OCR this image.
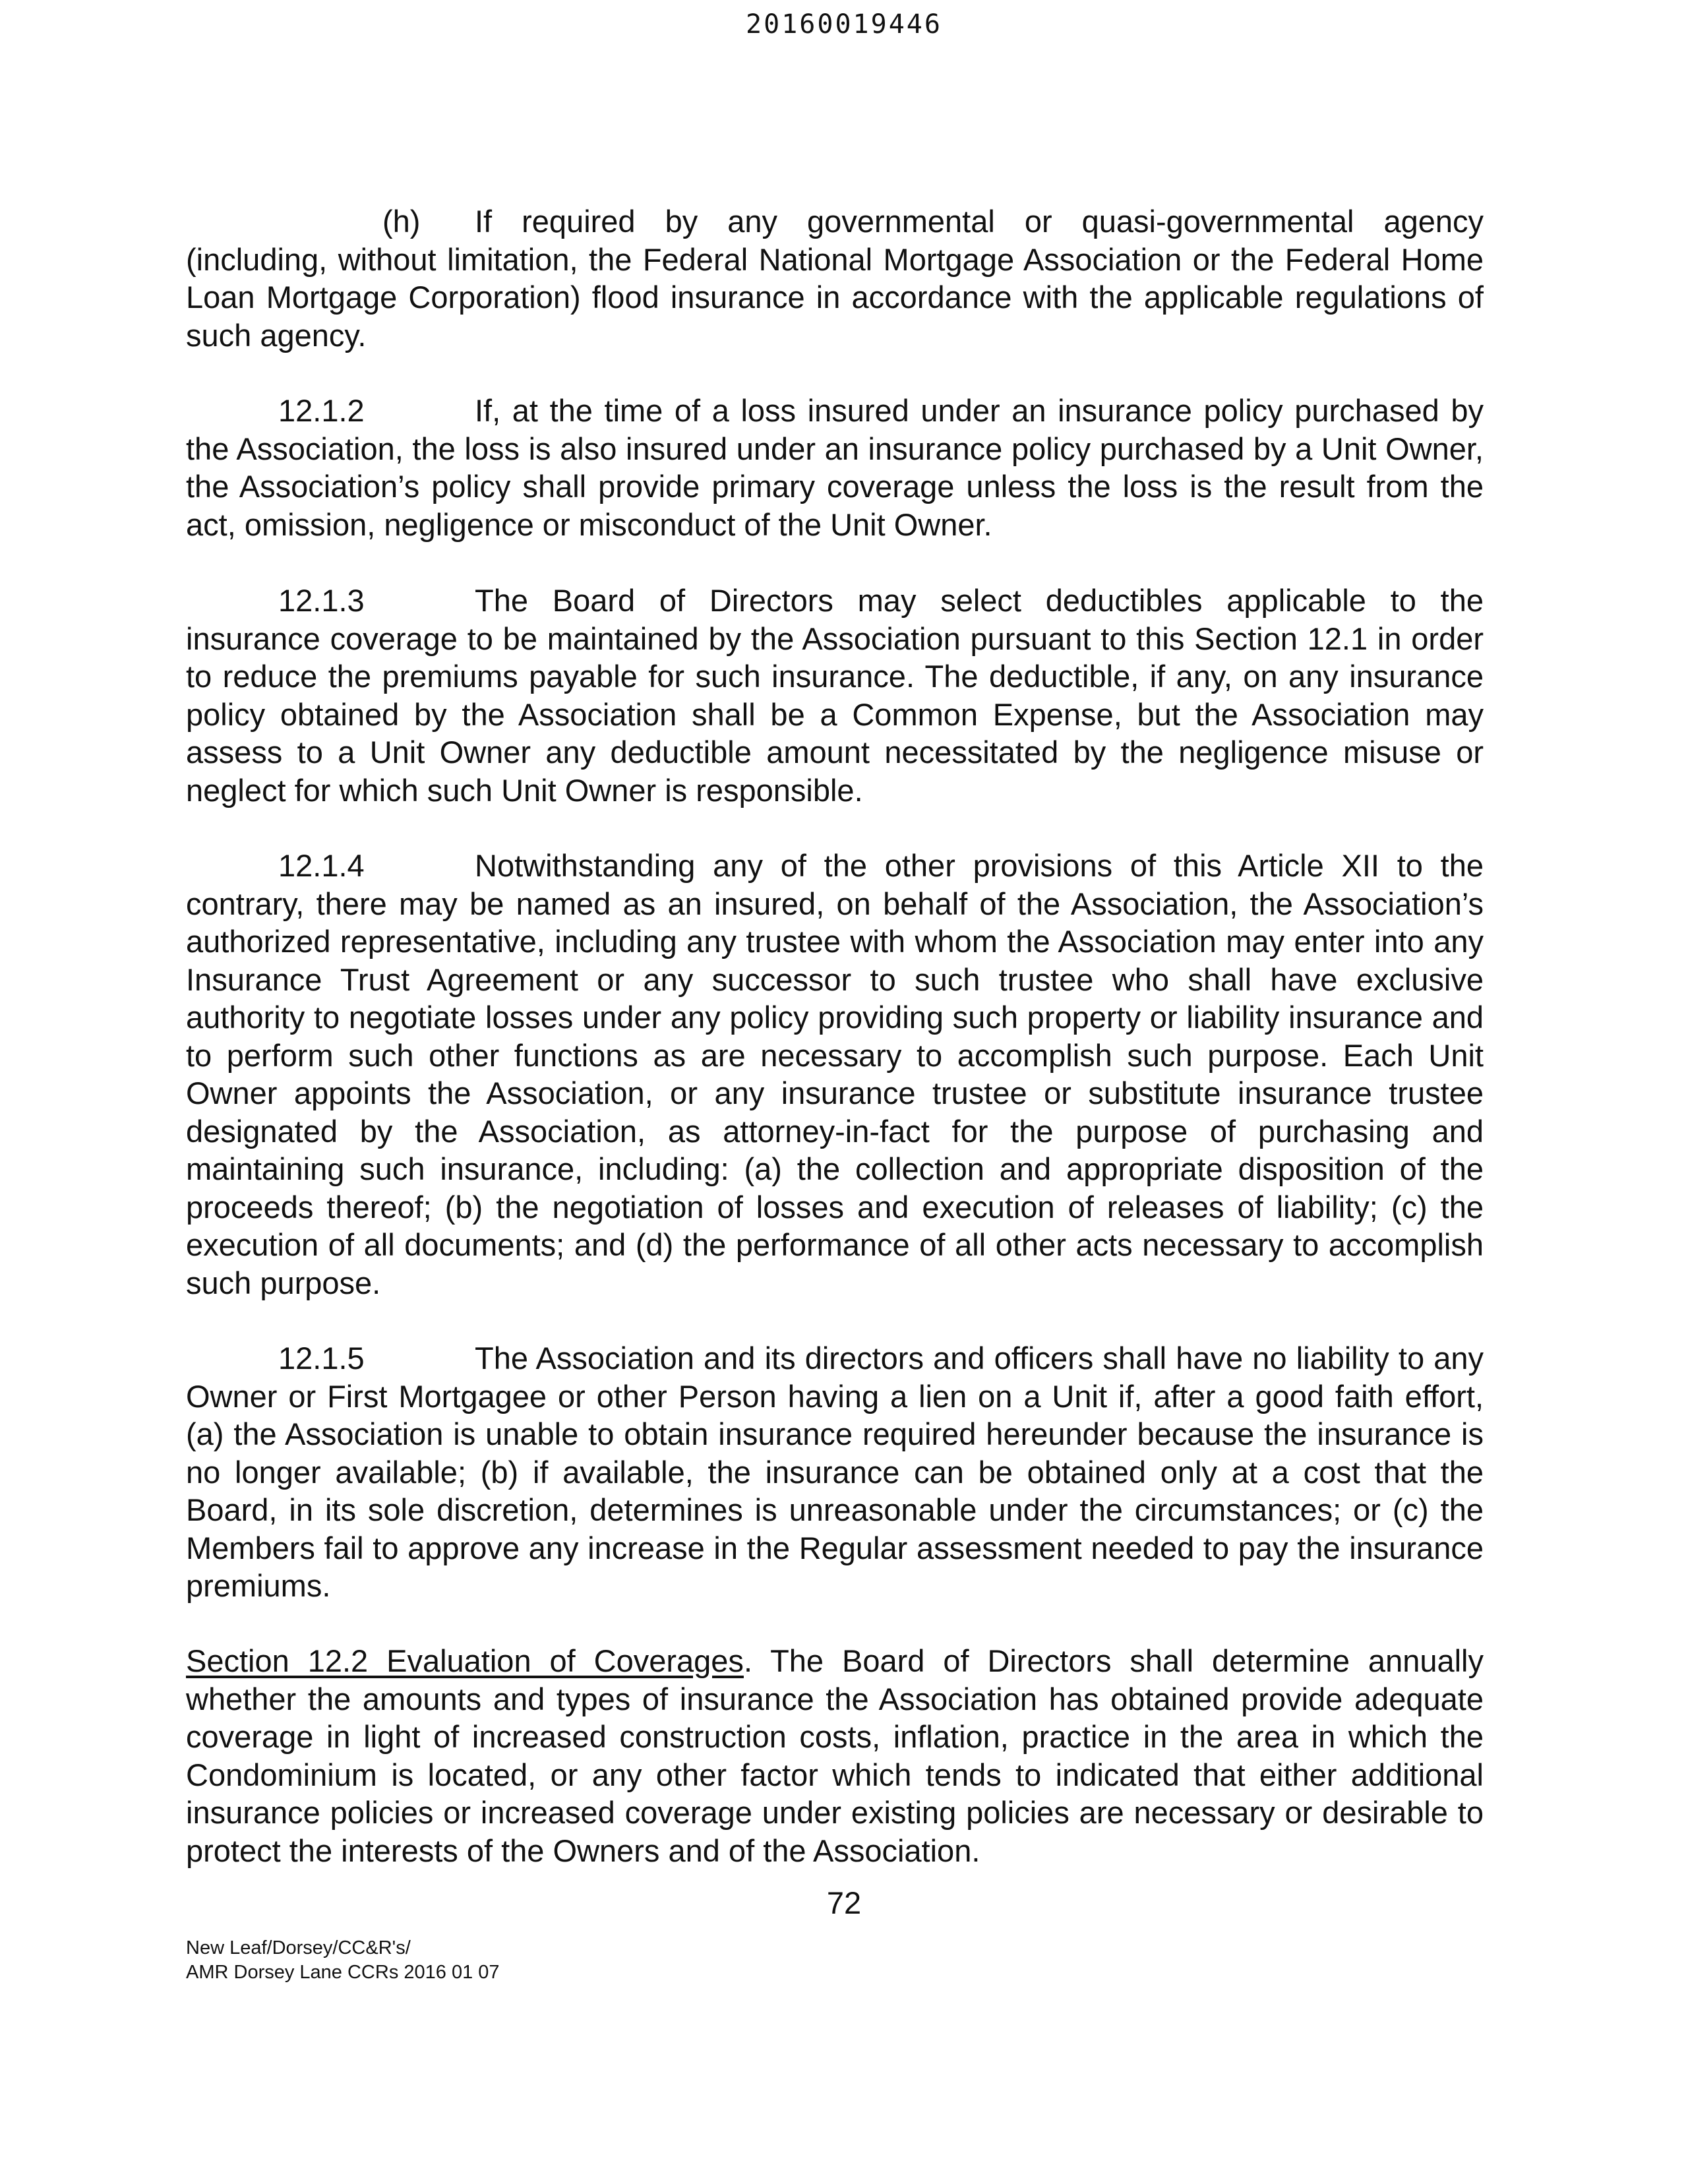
20160019446

(h) If required by any governmental or quasi-governmental agency (including, without limitation, the Federal National Mortgage Association or the Federal Home Loan Mortgage Corporation) flood insurance in accordance with the applicable regulations of such agency.

12.1.2	If, at the time of a loss insured under an insurance policy purchased by the Association, the loss is also insured under an insurance policy purchased by a Unit Owner, the Association’s policy shall provide primary coverage unless the loss is the result from the act, omission, negligence or misconduct of the Unit Owner.

12.1.3	The Board of Directors may select deductibles applicable to the insurance coverage to be maintained by the Association pursuant to this Section 12.1 in order to reduce the premiums payable for such insurance. The deductible, if any, on any insurance policy obtained by the Association shall be a Common Expense, but the Association may assess to a Unit Owner any deductible amount necessitated by the negligence misuse or neglect for which such Unit Owner is responsible.

12.1.4	Notwithstanding any of the other provisions of this Article XII to the contrary, there may be named as an insured, on behalf of the Association, the Association’s authorized representative, including any trustee with whom the Association may enter into any Insurance Trust Agreement or any successor to such trustee who shall have exclusive authority to negotiate losses under any policy providing such property or liability insurance and to perform such other functions as are necessary to accomplish such purpose. Each Unit Owner appoints the Association, or any insurance trustee or substitute insurance trustee designated by the Association, as attorney-in-fact for the purpose of purchasing and maintaining such insurance, including: (a) the collection and appropriate disposition of the proceeds thereof; (b) the negotiation of losses and execution of releases of liability; (c) the execution of all documents; and (d) the performance of all other acts necessary to accomplish such purpose.

12.1.5	The Association and its directors and officers shall have no liability to any Owner or First Mortgagee or other Person having a lien on a Unit if, after a good faith effort, (a) the Association is unable to obtain insurance required hereunder because the insurance is no longer available; (b) if available, the insurance can be obtained only at a cost that the Board, in its sole discretion, determines is unreasonable under the circumstances; or (c) the Members fail to approve any increase in the Regular assessment needed to pay the insurance premiums.

Section 12.2 Evaluation of Coverages. The Board of Directors shall determine annually whether the amounts and types of insurance the Association has obtained provide adequate coverage in light of increased construction costs, inflation, practice in the area in which the Condominium is located, or any other factor which tends to indicated that either additional insurance policies or increased coverage under existing policies are necessary or desirable to protect the interests of the Owners and of the Association.

72
New Leaf/Dorsey/CC&R's/
AMR Dorsey Lane CCRs 2016 01 07
